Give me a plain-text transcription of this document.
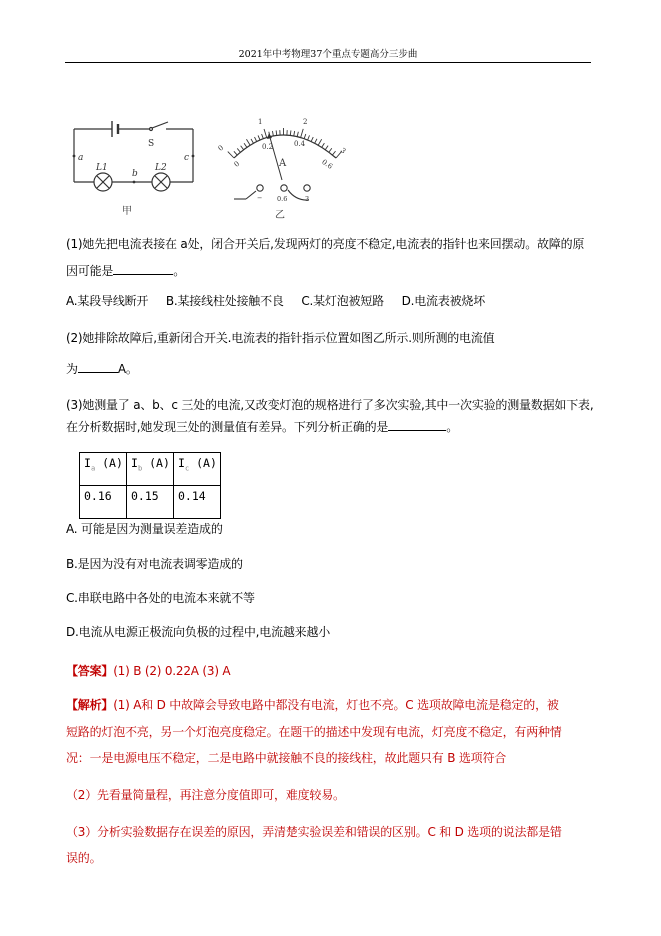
2021年中考物理37个重点专题高分三步曲
S
a	c
b
L1	L2
甲
0
1	2
3
0
0.2	0.4
0.6
A
− 0.6	3
乙
(1)她先把电流表接在 a处，闭合开关后,发现两灯的亮度不稳定,电流表的指针也来回摆动。故障的原
因可能是	。
A.某段导线断开 B.某接线柱处接触不良 C.某灯泡被短路 D.电流表被烧坏
(2)她排除故障后,重新闭合开关.电流表的指针指示位置如图乙所示.则所测的电流值
为	A。
(3)她测量了 a、b、c 三处的电流,又改变灯泡的规格进行了多次实验,其中一次实验的测量数据如下表,
在分析数据时,她发现三处的测量值有差异。下列分析正确的是	。
$I_a$ (A)	$I_b$ (A)	$I_c$ (A)
0.16	0.15	0.14
A. 可能是因为测量误差造成的
B.是因为没有对电流表调零造成的
C.串联电路中各处的电流本来就不等
D.电流从电源正极流向负极的过程中,电流越来越小
【答案】(1) B (2) 0.22A (3) A
【解析】(1) A和 D 中故障会导致电路中都没有电流，灯也不亮。C 选项故障电流是稳定的，被
短路的灯泡不亮，另一个灯泡亮度稳定。在题干的描述中发现有电流，灯亮度不稳定，有两种情
况：一是电源电压不稳定，二是电路中就接触不良的接线柱，故此题只有 B 选项符合
（2）先看量简量程，再注意分度值即可，难度较易。
（3）分析实验数据存在误差的原因，弄清楚实验误差和错误的区别。C 和 D 选项的说法都是错
误的。
